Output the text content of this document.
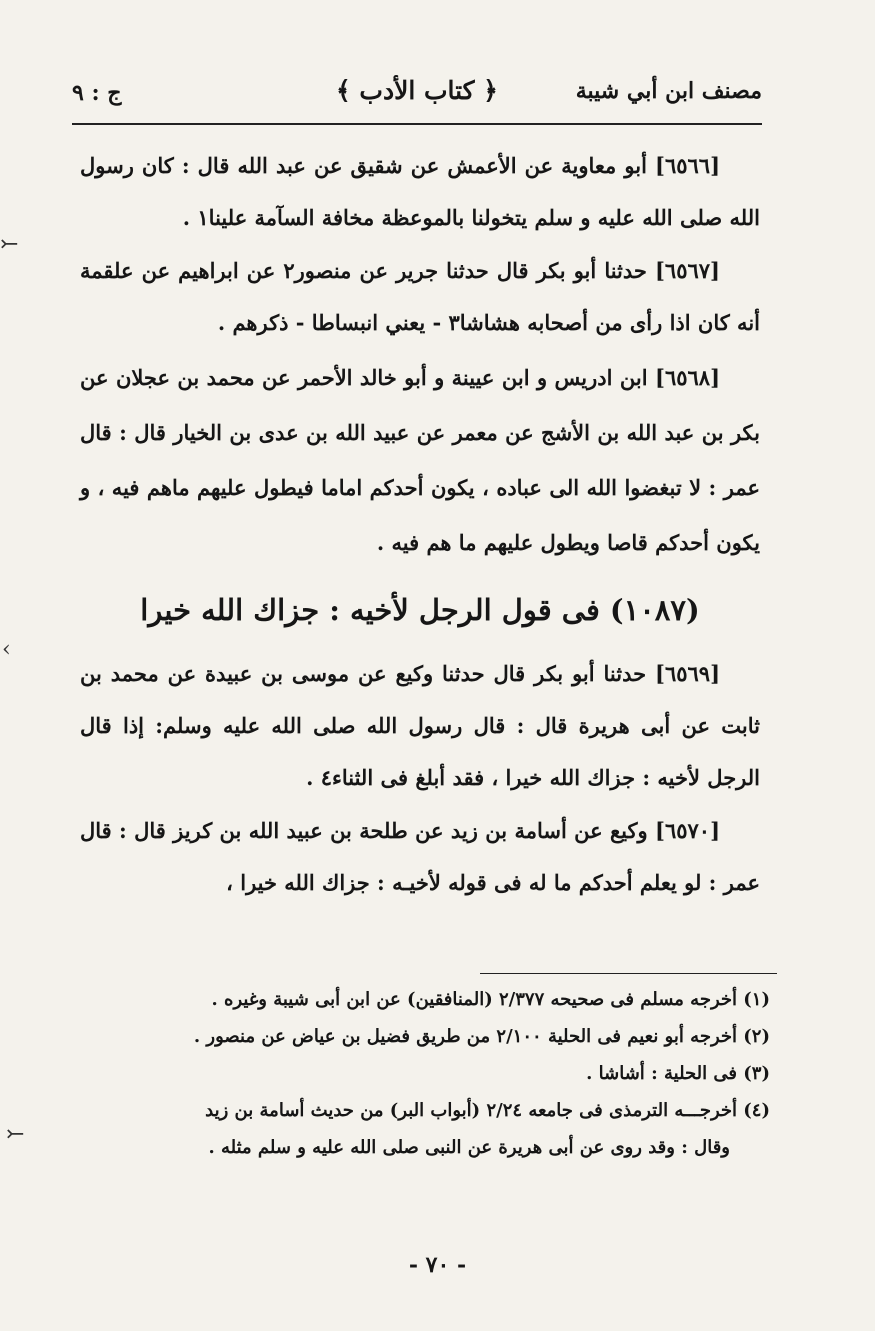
مصنف ابن أبي شيبة
﴿ كتاب الأدب ﴾
ج : ٩

[٦٥٦٦] أبو معاوية عن الأعمش عن شقيق عن عبد الله قال : كان رسول الله صلى الله عليه و سلم يتخولنا بالموعظة مخافة السآمة علينا١ .

[٦٥٦٧] حدثنا أبو بكر قال حدثنا جرير عن منصور٢ عن ابراهيم عن علقمة أنه كان اذا رأى من أصحابه هشاشا٣ - يعني انبساطا - ذكرهم .

[٦٥٦٨] ابن ادريس و ابن عيينة و أبو خالد الأحمر عن محمد بن عجلان عن بكر بن عبد الله بن الأشج عن معمر عن عبيد الله بن عدى بن الخيار قال : قال عمر : لا تبغضوا الله الى عباده ، يكون أحدكم اماما فيطول عليهم ماهم فيه ، و يكون أحدكم قاصا ويطول عليهم ما هم فيه .

(١٠٨٧) فى قول الرجل لأخيه : جزاك الله خيرا

[٦٥٦٩] حدثنا أبو بكر قال حدثنا وكيع عن موسى بن عبيدة عن محمد بن ثابت عن أبى هريرة قال : قال رسول الله صلى الله عليه وسلم: إذا قال الرجل لأخيه : جزاك الله خيرا ، فقد أبلغ فى الثناء٤ .

[٦٥٧٠] وكيع عن أسامة بن زيد عن طلحة بن عبيد الله بن كريز قال : قال عمر : لو يعلم أحدكم ما له فى قوله لأخيـه : جزاك الله خيرا ،

(١) أخرجه مسلم فى صحيحه ٢/٣٧٧ (المنافقين) عن ابن أبى شيبة وغيره .

(٢) أخرجه أبو نعيم فى الحلية ٢/١٠٠ من طريق فضيل بن عياض عن منصور .

(٣) فى الحلية : أشاشا .

(٤) أخرجـــه الترمذى فى جامعه ٢/٢٤ (أبواب البر) من حديث أسامة بن زيد

وقال : وقد روى عن أبى هريرة عن النبى صلى الله عليه و سلم مثله .

- ٧٠ -
⤚
‹
⤚
